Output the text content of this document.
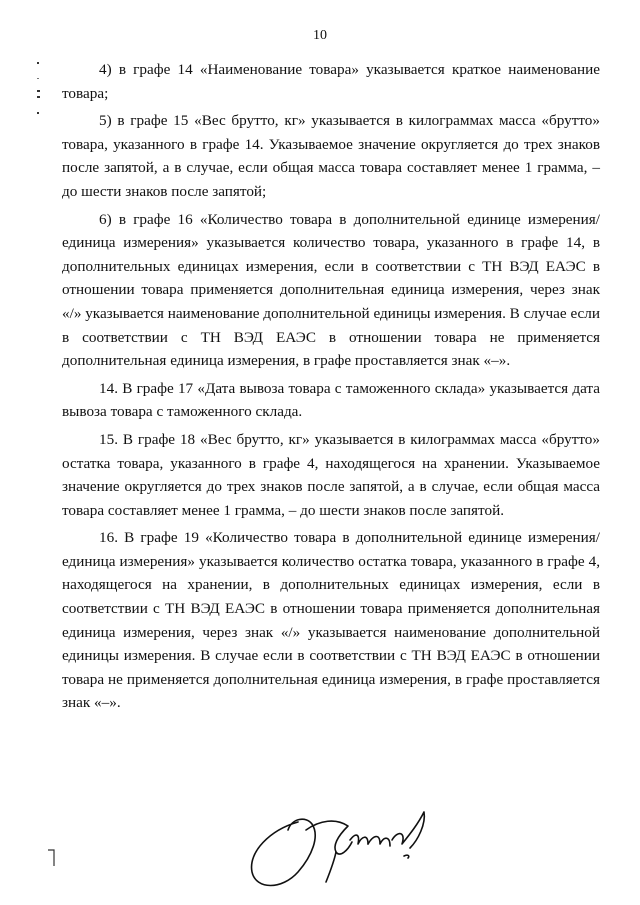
10

4) в графе 14 «Наименование товара» указывается краткое наименование товара;

5) в графе 15 «Вес брутто, кг» указывается в килограммах масса «брутто» товара, указанного в графе 14. Указываемое значение округляется до трех знаков после запятой, а в случае, если общая масса товара составляет менее 1 грамма, – до шести знаков после запятой;

6) в графе 16 «Количество товара в дополнительной единице измерения/единица измерения» указывается количество товара, указанного в графе 14, в дополнительных единицах измерения, если в соответствии с ТН ВЭД ЕАЭС в отношении товара применяется дополнительная единица измерения, через знак «/» указывается наименование дополнительной единицы измерения. В случае если в соответствии с ТН ВЭД ЕАЭС в отношении товара не применяется дополнительная единица измерения, в графе проставляется знак «–».

14. В графе 17 «Дата вывоза товара с таможенного склада» указывается дата вывоза товара с таможенного склада.

15. В графе 18 «Вес брутто, кг» указывается в килограммах масса «брутто» остатка товара, указанного в графе 4, находящегося на хранении. Указываемое значение округляется до трех знаков после запятой, а в случае, если общая масса товара составляет менее 1 грамма, – до шести знаков после запятой.

16. В графе 19 «Количество товара в дополнительной единице измерения/единица измерения» указывается количество остатка товара, указанного в графе 4, находящегося на хранении, в дополнительных единицах измерения, если в соответствии с ТН ВЭД ЕАЭС в отношении товара применяется дополнительная единица измерения, через знак «/» указывается наименование дополнительной единицы измерения. В случае если в соответствии с ТН ВЭД ЕАЭС в отношении товара не применяется дополнительная единица измерения, в графе проставляется знак «–».
